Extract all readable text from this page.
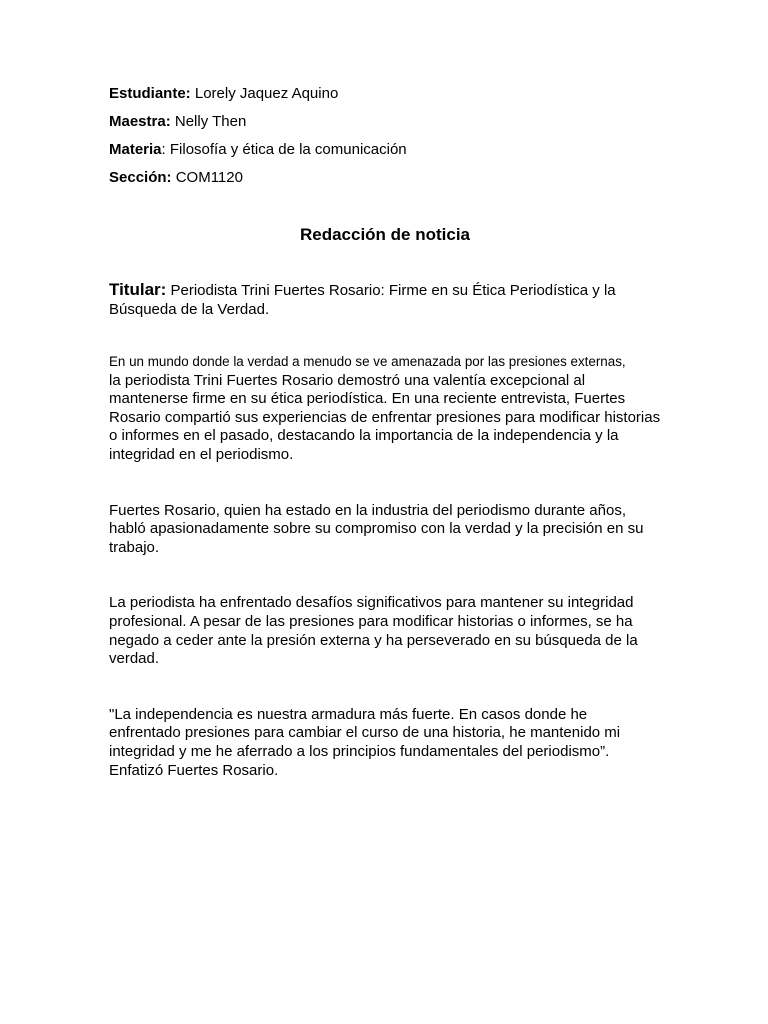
Estudiante: Lorely Jaquez Aquino

Maestra: Nelly Then

Materia: Filosofía y ética de la comunicación

Sección: COM1120

Redacción de noticia

Titular: Periodista Trini Fuertes Rosario: Firme en su Ética Periodística y la Búsqueda de la Verdad.

En un mundo donde la verdad a menudo se ve amenazada por las presiones externas,
la periodista Trini Fuertes Rosario demostró una valentía excepcional al mantenerse firme en su ética periodística. En una reciente entrevista, Fuertes Rosario compartió sus experiencias de enfrentar presiones para modificar historias o informes en el pasado, destacando la importancia de la independencia y la integridad en el periodismo.

Fuertes Rosario, quien ha estado en la industria del periodismo durante años, habló apasionadamente sobre su compromiso con la verdad y la precisión en su trabajo.

La periodista ha enfrentado desafíos significativos para mantener su integridad profesional. A pesar de las presiones para modificar historias o informes, se ha negado a ceder ante la presión externa y ha perseverado en su búsqueda de la verdad.

"La independencia es nuestra armadura más fuerte. En casos donde he enfrentado presiones para cambiar el curso de una historia, he mantenido mi integridad y me he aferrado a los principios fundamentales del periodismo”. Enfatizó Fuertes Rosario.
